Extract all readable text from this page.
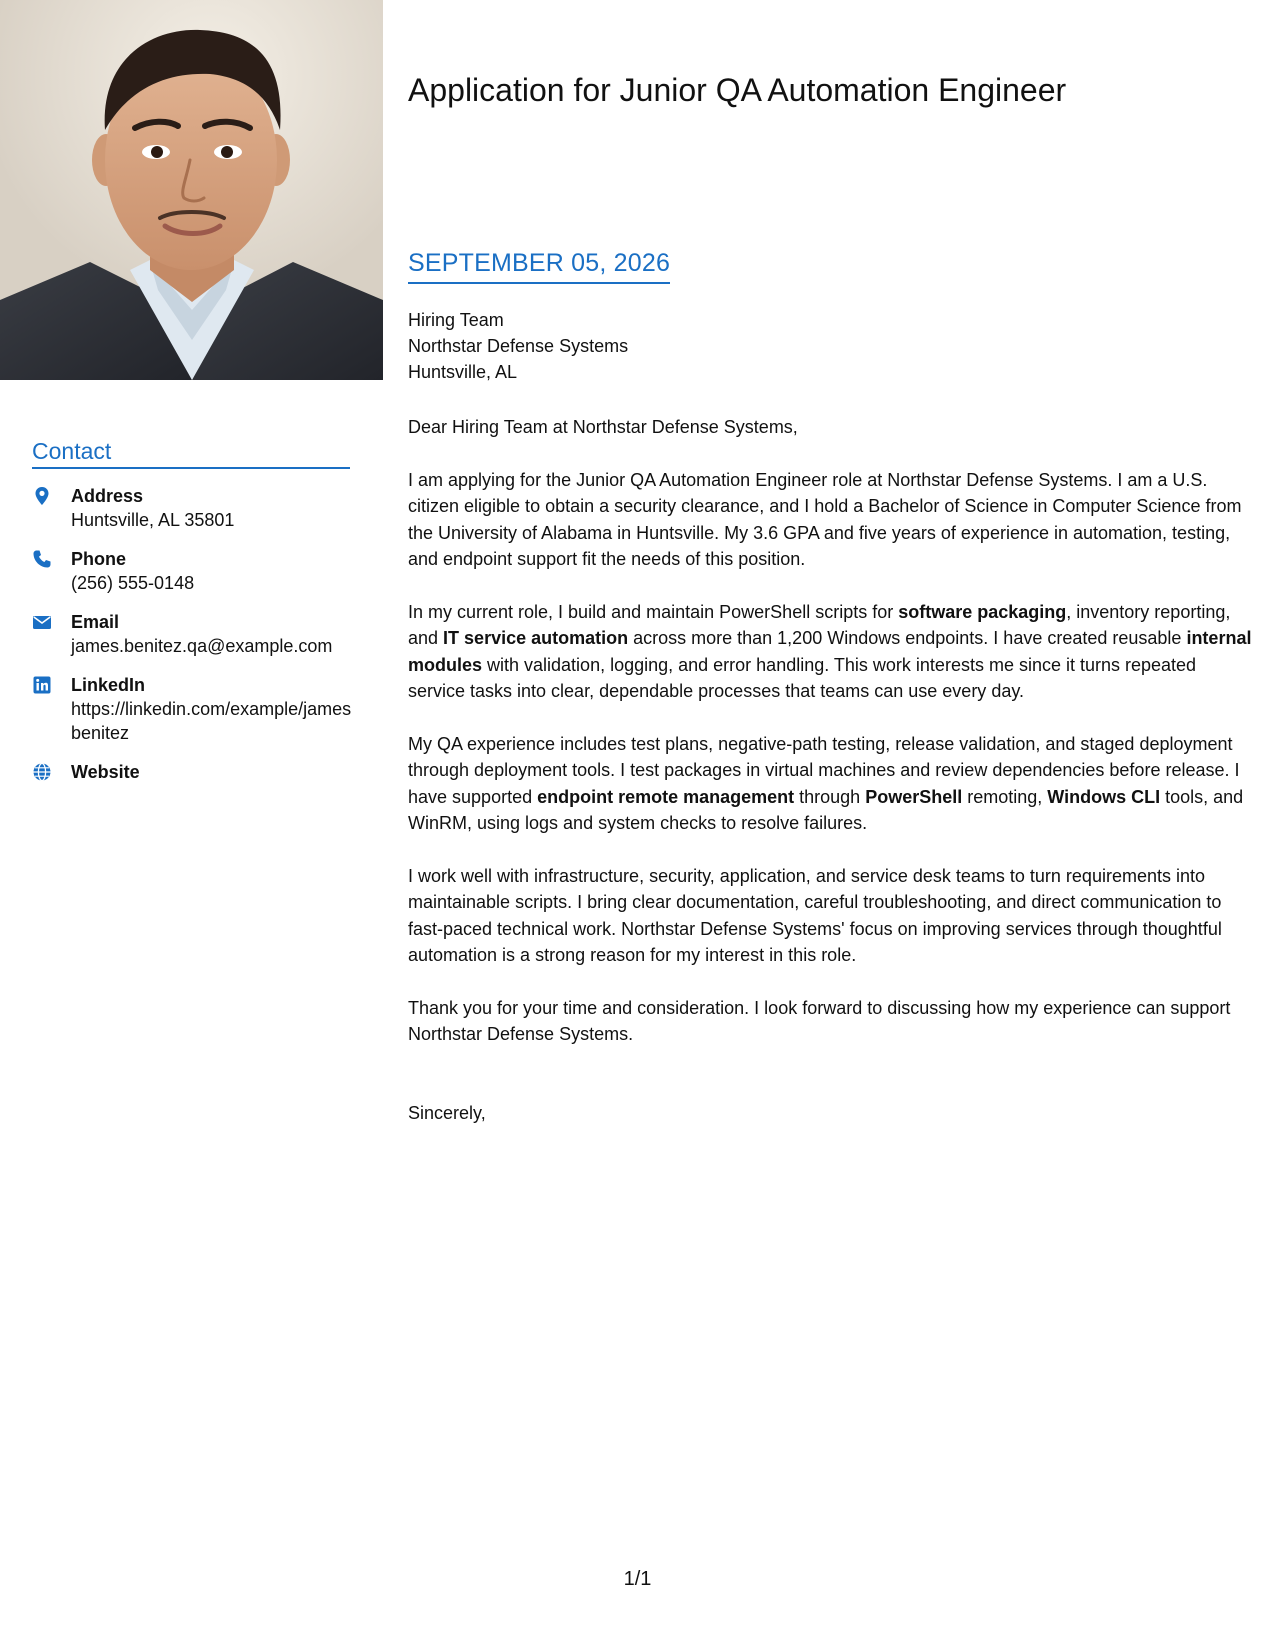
Contact
Address
Huntsville, AL 35801
Phone
(256) 555-0148
Email
james.benitez.qa@example.com
LinkedIn
https://linkedin.com/example/jamesbenitez
Website
Application for Junior QA Automation Engineer
SEPTEMBER 05, 2026
Hiring Team
Northstar Defense Systems
Huntsville, AL

Dear Hiring Team at Northstar Defense Systems,

I am applying for the Junior QA Automation Engineer role at Northstar Defense Systems. I am a U.S. citizen eligible to obtain a security clearance, and I hold a Bachelor of Science in Computer Science from the University of Alabama in Huntsville. My 3.6 GPA and five years of experience in automation, testing, and endpoint support fit the needs of this position.

In my current role, I build and maintain PowerShell scripts for software packaging, inventory reporting, and IT service automation across more than 1,200 Windows endpoints. I have created reusable internal modules with validation, logging, and error handling. This work interests me since it turns repeated service tasks into clear, dependable processes that teams can use every day.

My QA experience includes test plans, negative-path testing, release validation, and staged deployment through deployment tools. I test packages in virtual machines and review dependencies before release. I have supported endpoint remote management through PowerShell remoting, Windows CLI tools, and WinRM, using logs and system checks to resolve failures.

I work well with infrastructure, security, application, and service desk teams to turn requirements into maintainable scripts. I bring clear documentation, careful troubleshooting, and direct communication to fast-paced technical work. Northstar Defense Systems' focus on improving services through thoughtful automation is a strong reason for my interest in this role.

Thank you for your time and consideration. I look forward to discussing how my experience can support Northstar Defense Systems.

Sincerely,

1/1
